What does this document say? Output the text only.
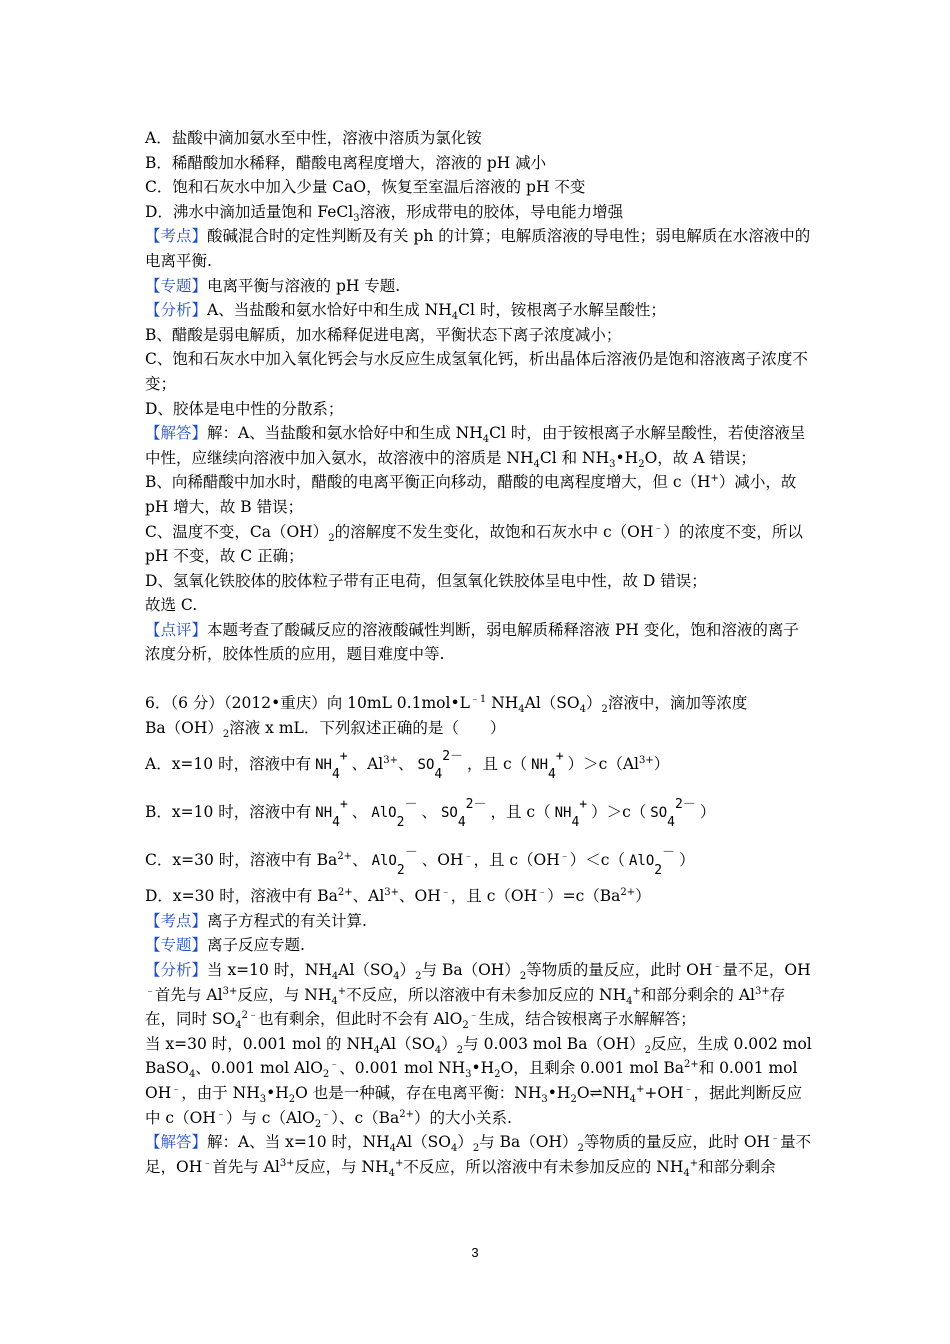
A．盐酸中滴加氨水至中性，溶液中溶质为氯化铵

B．稀醋酸加水稀释，醋酸电离程度增大，溶液的 pH 减小

C．饱和石灰水中加入少量 CaO，恢复至室温后溶液的 pH 不变

D．沸水中滴加适量饱和 FeCl$_3$溶液，形成带电的胶体，导电能力增强

【考点】酸碱混合时的定性判断及有关 ph 的计算；电解质溶液的导电性；弱电解质在水溶液中的电离平衡.

【专题】电离平衡与溶液的 pH 专题.

【分析】A、当盐酸和氨水恰好中和生成 $NH_4Cl$ 时，铵根离子水解呈酸性；

B、醋酸是弱电解质，加水稀释促进电离，平衡状态下离子浓度减小；

C、饱和石灰水中加入氧化钙会与水反应生成氢氧化钙，析出晶体后溶液仍是饱和溶液离子浓度不变；

D、胶体是电中性的分散系；

【解答】解：A、当盐酸和氨水恰好中和生成 $NH_4Cl$ 时，由于铵根离子水解呈酸性，若使溶液呈中性，应继续向溶液中加入氨水，故溶液中的溶质是 $NH_4Cl$ 和 $NH_3•H_2O$，故 A 错误；

B、向稀醋酸中加水时，醋酸的电离平衡正向移动，醋酸的电离程度增大，但 c（H+）减小，故 pH 增大，故 B 错误；

C、温度不变，$Ca(OH)_2$的溶解度不发生变化，故饱和石灰水中 c（OH﹣）的浓度不变，所以 pH 不变，故 C 正确；

D、氢氧化铁胶体的胶体粒子带有正电荷，但氢氧化铁胶体呈电中性，故 D 错误；

故选 C.

【点评】本题考查了酸碱反应的溶液酸碱性判断，弱电解质稀释溶液 PH 变化，饱和溶液的离子浓度分析，胶体性质的应用，题目难度中等.

6．（6 分）（2012•重庆）向 10mL $0.1mol•L^{﹣1}$ $NH_4Al(SO_4)_2$溶液中，滴加等浓度

$Ba(OH)_2$溶液 x mL．下列叙述正确的是（　　）

A．x=10 时，溶液中有 NH4+ 、$Al^{3+}$、 SO42－ ，且 c（ $NH4+ )>c(Al^{3+})$

B．x=10 时，溶液中有 NH4+ 、 AlO2－ 、 SO42－ ，且 c（ NH4+ ）＞c（ SO42－ ）

C．x=30 时，溶液中有 $Ba^{2+}$、 AlO2－ 、OH﹣，且 c（OH﹣）＜c（ AlO2－ ）

D．x=30 时，溶液中有 $Ba^{2+}$、$Al^{3+}$、OH﹣，且 $c(OH^﹣)=c(Ba^{2+})$

【考点】离子方程式的有关计算.

【专题】离子反应专题.

【分析】当 x=10 时，$NH_4Al(SO_4)_2$与 $Ba(OH)_2$等物质的量反应，此时 OH﹣量不足，OH﹣首先与 $Al^{3+}$反应，与 $NH_4^+$不反应，所以溶液中有未参加反应的 $NH_4^+$和部分剩余的 $Al^{3+}$存在，同时 $SO_4^{2﹣}$也有剩余，但此时不会有 AlO$_2$﹣生成，结合铵根离子水解解答；

当 x=30 时，0.001 mol 的 $NH_4Al(SO_4)_2$与 0.003 mol $Ba(OH)_2$反应，生成 0.002 mol BaSO$_4$、0.001 mol AlO$_2$﹣、0.001 mol $NH_3•H_2O$，且剩余 0.001 mol $Ba^{2+}$和 0.001 mol OH﹣，由于 $NH_3•H_2O$ 也是一种碱，存在电离平衡：$NH_3•H_2O\rightleftharpoons NH_4^++OH^﹣$，据此判断反应中 c（OH﹣）与 c（AlO$_2$﹣）、$c(Ba^{2+})$的大小关系.

【解答】解：A、当 x=10 时，$NH_4Al(SO_4)_2$与 $Ba(OH)_2$等物质的量反应，此时 OH﹣量不足，OH﹣首先与 $Al^{3+}$反应，与 $NH_4^+$不反应，所以溶液中有未参加反应的 $NH_4^+$和部分剩余

3
